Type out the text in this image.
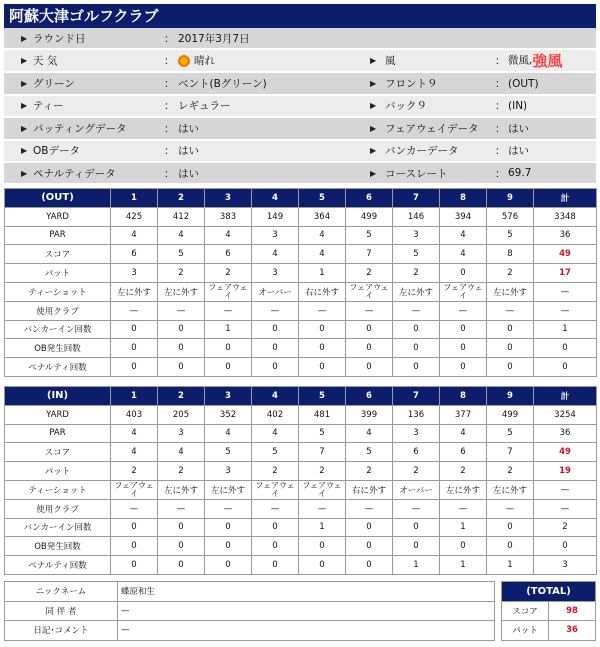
阿蘇大津ゴルフクラブ
	▶	ラウンド日	：	2017年3月7日				
	▶	天 気	：	晴れ	▶	風	：	微風,強風
	▶	グリーン	：	ベント(Bグリーン)	▶	フロント９	：	(OUT)
	▶	ティー	：	レギュラー	▶	バック９	：	(IN)
	▶	パッティングデータ	：	はい	▶	フェアウェイデータ	：	はい
	▶	OBデータ	：	はい	▶	バンカーデータ	：	はい
	▶	ペナルティデータ	：	はい	▶	コースレート	：	69.7
(OUT)	1	2	3	4	5	6	7	8	9	計
YARD	425	412	383	149	364	499	146	394	576	3348
PAR	4	4	4	3	4	5	3	4	5	36
スコア	6	5	6	4	4	7	5	4	8	49
パット	3	2	2	3	1	2	2	0	2	17
ティーショット	左に外す	左に外す	フェアウェイ	オーバー	右に外す	フェアウェイ	左に外す	フェアウェイ	左に外す	—
使用クラブ	—	—	—	—	—	—	—	—	—	—
バンカーイン回数	0	0	1	0	0	0	0	0	0	1
OB発生回数	0	0	0	0	0	0	0	0	0	0
ペナルティ回数	0	0	0	0	0	0	0	0	0	0
(IN)	1	2	3	4	5	6	7	8	9	計
YARD	403	205	352	402	481	399	136	377	499	3254
PAR	4	3	4	4	5	4	3	4	5	36
スコア	4	4	5	5	7	5	6	6	7	49
パット	2	2	3	2	2	2	2	2	2	19
ティーショット	フェアウェイ	左に外す	左に外す	フェアウェイ	フェアウェイ	右に外す	オーバー	左に外す	左に外す	—
使用クラブ	—	—	—	—	—	—	—	—	—	—
バンカーイン回数	0	0	0	0	1	0	0	1	0	2
OB発生回数	0	0	0	0	0	0	0	0	0	0
ペナルティ回数	0	0	0	0	0	0	1	1	1	3
ニックネーム	蝶原和生		(TOTAL)	
同 伴 者	—		スコア	98
日記･コメント	—		パット	36
